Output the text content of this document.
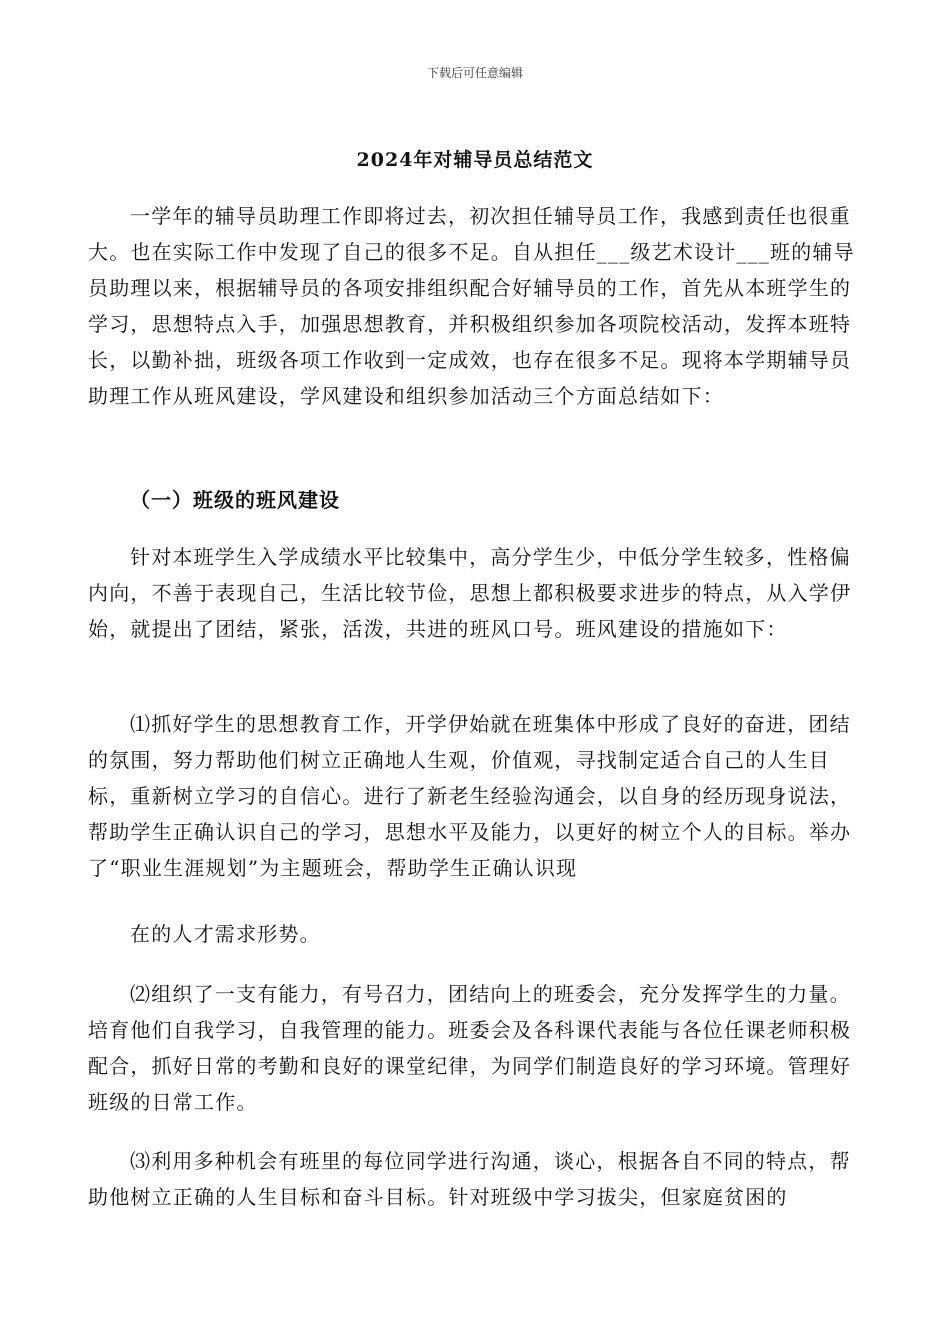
下载后可任意编辑
2024年对辅导员总结范文

一学年的辅导员助理工作即将过去，初次担任辅导员工作，我感到责任也很重大。也在实际工作中发现了自己的很多不足。自从担任___级艺术设计___班的辅导员助理以来，根据辅导员的各项安排组织配合好辅导员的工作，首先从本班学生的学习，思想特点入手，加强思想教育，并积极组织参加各项院校活动，发挥本班特长，以勤补拙，班级各项工作收到一定成效，也存在很多不足。现将本学期辅导员助理工作从班风建设，学风建设和组织参加活动三个方面总结如下：

（一）班级的班风建设

针对本班学生入学成绩水平比较集中，高分学生少，中低分学生较多，性格偏内向，不善于表现自己，生活比较节俭，思想上都积极要求进步的特点，从入学伊始，就提出了团结，紧张，活泼，共进的班风口号。班风建设的措施如下：

⑴抓好学生的思想教育工作，开学伊始就在班集体中形成了良好的奋进，团结的氛围，努力帮助他们树立正确地人生观，价值观，寻找制定适合自己的人生目标，重新树立学习的自信心。进行了新老生经验沟通会，以自身的经历现身说法，帮助学生正确认识自己的学习，思想水平及能力，以更好的树立个人的目标。举办了“职业生涯规划”为主题班会，帮助学生正确认识现

在的人才需求形势。

⑵组织了一支有能力，有号召力，团结向上的班委会，充分发挥学生的力量。培育他们自我学习，自我管理的能力。班委会及各科课代表能与各位任课老师积极配合，抓好日常的考勤和良好的课堂纪律，为同学们制造良好的学习环境。管理好班级的日常工作。

⑶利用多种机会有班里的每位同学进行沟通，谈心，根据各自不同的特点，帮助他树立正确的人生目标和奋斗目标。针对班级中学习拔尖，但家庭贫困的
